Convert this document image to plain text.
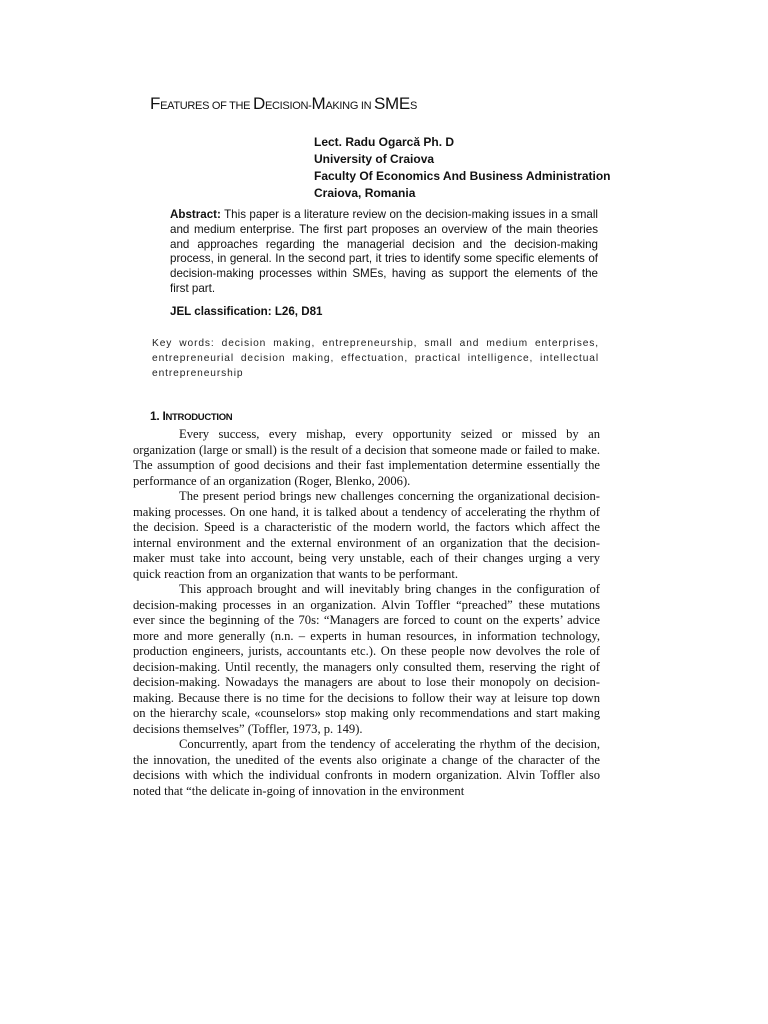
FEATURES OF THE DECISION-MAKING IN SMES
Lect. Radu Ogarcă Ph. D
University of Craiova
Faculty Of Economics And Business Administration
Craiova, Romania
Abstract: This paper is a literature review on the decision-making issues in a small and medium enterprise. The first part proposes an overview of the main theories and approaches regarding the managerial decision and the decision-making process, in general. In the second part, it tries to identify some specific elements of decision-making processes within SMEs, having as support the elements of the first part.
JEL classification: L26, D81
Key words: decision making, entrepreneurship, small and medium enterprises, entrepreneurial decision making, effectuation, practical intelligence, intellectual entrepreneurship
1. INTRODUCTION

Every success, every mishap, every opportunity seized or missed by an organization (large or small) is the result of a decision that someone made or failed to make. The assumption of good decisions and their fast implementation determine essentially the performance of an organization (Roger, Blenko, 2006).

The present period brings new challenges concerning the organizational decision-making processes. On one hand, it is talked about a tendency of accelerating the rhythm of the decision. Speed is a characteristic of the modern world, the factors which affect the internal environment and the external environment of an organization that the decision-maker must take into account, being very unstable, each of their changes urging a very quick reaction from an organization that wants to be performant.

This approach brought and will inevitably bring changes in the configuration of decision-making processes in an organization. Alvin Toffler “preached” these mutations ever since the beginning of the 70s: “Managers are forced to count on the experts’ advice more and more generally (n.n. – experts in human resources, in information technology, production engineers, jurists, accountants etc.). On these people now devolves the role of decision-making. Until recently, the managers only consulted them, reserving the right of decision-making. Nowadays the managers are about to lose their monopoly on decision-making. Because there is no time for the decisions to follow their way at leisure top down on the hierarchy scale, «counselors» stop making only recommendations and start making decisions themselves” (Toffler, 1973, p. 149).

Concurrently, apart from the tendency of accelerating the rhythm of the decision, the innovation, the unedited of the events also originate a change of the character of the decisions with which the individual confronts in modern organization. Alvin Toffler also noted that “the delicate in-going of innovation in the environment
